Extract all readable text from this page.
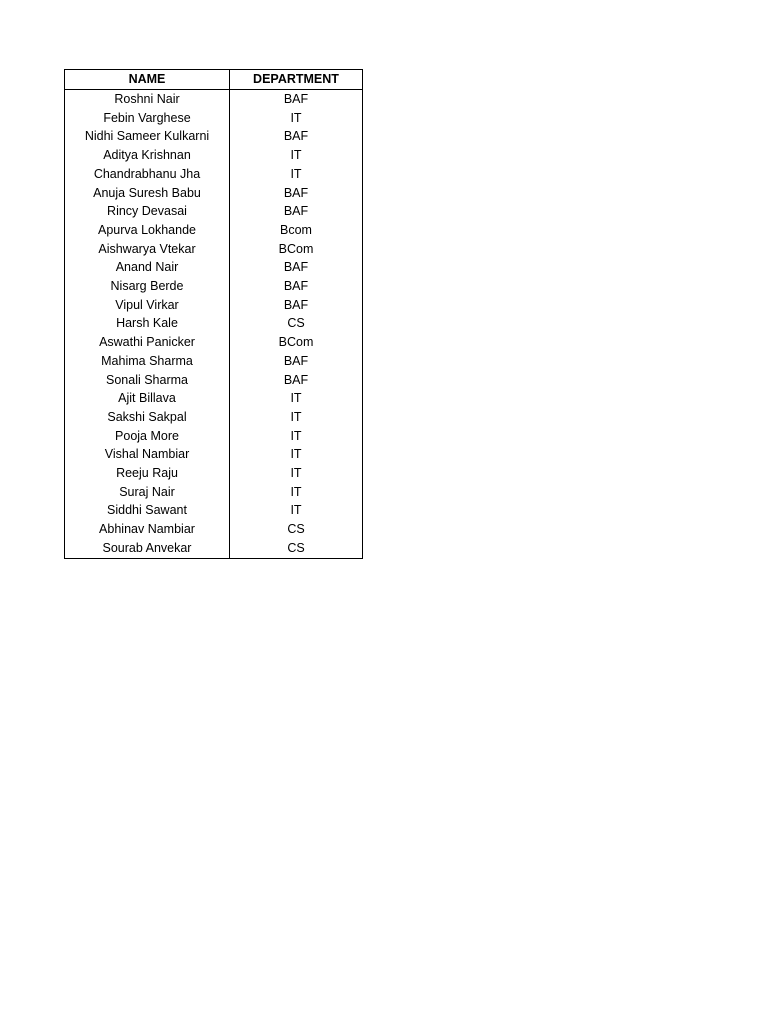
NAME	DEPARTMENT
Roshni Nair	BAF
Febin Varghese	IT
Nidhi Sameer Kulkarni	BAF
Aditya Krishnan	IT
Chandrabhanu Jha	IT
Anuja Suresh Babu	BAF
Rincy Devasai	BAF
Apurva Lokhande	Bcom
Aishwarya Vtekar	BCom
Anand Nair	BAF
Nisarg Berde	BAF
Vipul Virkar	BAF
Harsh Kale	CS
Aswathi Panicker	BCom
Mahima Sharma	BAF
Sonali Sharma	BAF
Ajit Billava	IT
Sakshi Sakpal	IT
Pooja More	IT
Vishal Nambiar	IT
Reeju Raju	IT
Suraj Nair	IT
Siddhi Sawant	IT
Abhinav Nambiar	CS
Sourab Anvekar	CS
